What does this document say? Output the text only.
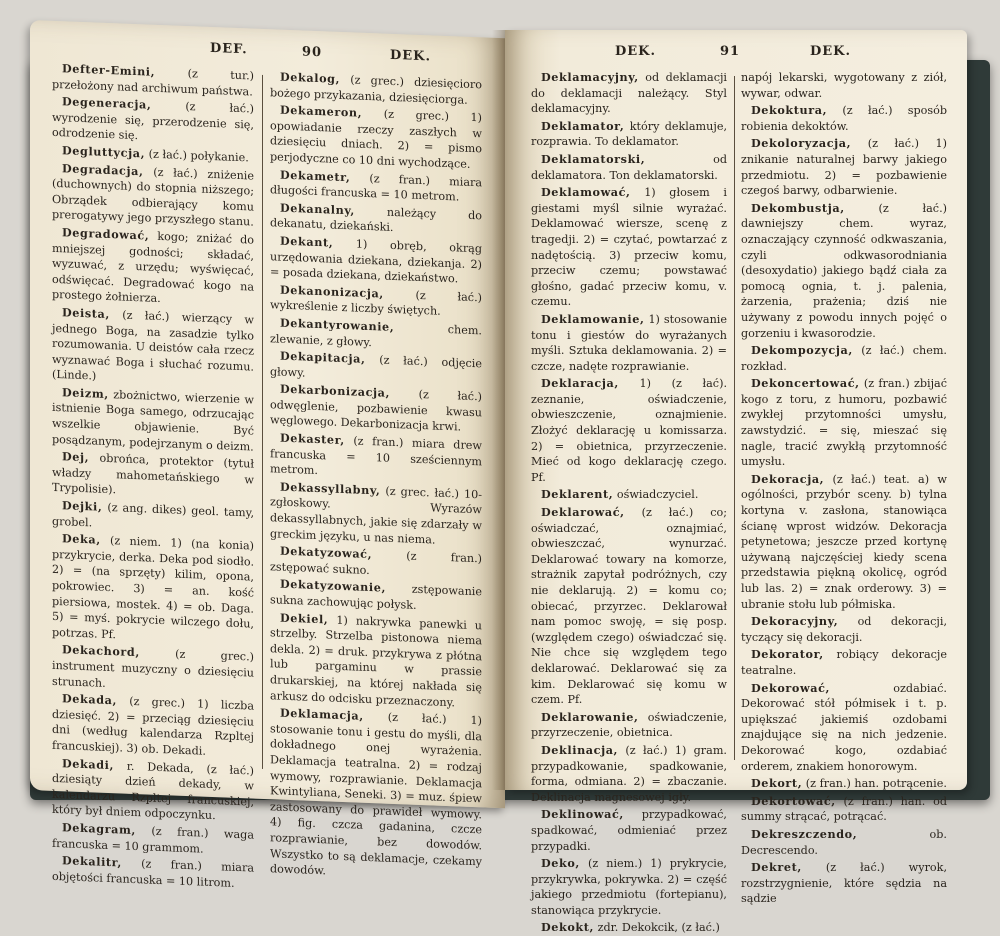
DEF.	90	DEK.

Defter-Emini,	(z tur.) przełożony nad archiwum państwa.

Degeneracja,	(z łać.) wyrodzenie się, przerodzenie się, odrodzenie się.

Degluttycja, (z łać.) połykanie.

Degradacja, (z łać.) zniżenie (duchownych) do stopnia niższego; Obrządek odbierający komu prerogatywy jego przyszłego stanu.

Degradować, kogo; zniżać do mniejszej godności; składać, wyzuwać, z urzędu; wyświęcać, odświęcać. Degradować kogo na prostego żołnierza.

Deista, (z łać.) wierzący w jednego Boga, na zasadzie tylko rozumowania. U deistów cała rzecz wyznawać Boga i słuchać rozumu. (Linde.)

Deizm, zbożnictwo, wierzenie w istnienie Boga samego, odrzucając wszelkie objawienie. Być posądzanym, podejrzanym o deizm.

Dej, obrońca, protektor (tytuł władzy mahometańskiego w Trypolisie).

Dejki, (z ang. dikes) geol. tamy, grobel.

Deka, (z niem. 1) (na konia) przykrycie, derka. Deka pod siodło. 2) = (na sprzęty) kilim, opona, pokrowiec. 3) = an. kość piersiowa, mostek. 4) = ob. Daga. 5) = myś. pokrycie wilczego dołu, potrzas. Pf.

Dekachord,	(z grec.) instrument muzyczny o dziesięciu strunach.

Dekada, (z grec.) 1) liczba dziesięć. 2) = przeciąg dziesięciu dni (według kalendarza Rzpltej francuskiej). 3) ob. Dekadi.

Dekadi, r. Dekada, (z łać.) dziesiąty dzień dekady, w kalendarzu Rzpltej francuskiej, który był dniem odpoczynku.

Dekagram, (z fran.) waga francuska = 10 grammom.

Dekalitr, (z fran.) miara objętości francuska = 10 litrom.

Dekalog, (z grec.) dziesięcioro bożego przykazania, dziesięciorga.

Dekameron, (z grec.) 1) opowiadanie rzeczy zaszłych w dziesięciu dniach. 2) = pismo perjodyczne co 10 dni wychodzące.

Dekametr, (z fran.) miara długości francuska = 10 metrom.

Dekanalny,	należący do dekanatu, dziekański.

Dekant, 1) obręb, okrąg urzędowania dziekana, dziekanja. 2) = posada dziekana, dziekaństwo.

Dekanonizacja,	(z łać.) wykreślenie z liczby świętych.

Dekantyrowanie,	chem. zlewanie, z głowy.

Dekapitacja, (z łać.) odjęcie głowy.

Dekarbonizacja,	(z łać.) odwęglenie, pozbawienie kwasu węglowego. Dekarbonizacja krwi.

Dekaster, (z fran.) miara drew francuska = 10 sześciennym metrom.

Dekassyllabny, (z grec. łać.) 10-zgłoskowy. Wyrazów dekassyllabnych, jakie się zdarzały w greckim języku, u nas niema.

Dekatyzować,	(z fran.) zstępować sukno.

Dekatyzowanie, zstępowanie sukna zachowując połysk.

Dekiel, 1) nakrywka panewki u strzelby. Strzelba pistonowa niema dekla. 2) = druk. przykrywa z płótna lub pargaminu w prassie drukarskiej, na której nakłada się arkusz do odcisku przeznaczony.

Deklamacja, (z łać.) 1) stosowanie tonu i gestu do myśli, dla dokładnego onej wyrażenia. Deklamacja teatralna. 2) = rodzaj wymowy, rozprawianie. Deklamacja Kwintyliana, Seneki. 3) = muz. śpiew zastosowany do prawideł wymowy. 4) fig. czcza gadanina, czcze rozprawianie, bez dowodów. Wszystko to są deklamacje, czekamy dowodów.

DEK.	91	DEK.

Deklamacyjny, od deklamacji do deklamacji należący. Styl deklamacyjny.

Deklamator, który deklamuje, rozprawia. To deklamator.

Deklamatorski,	od deklamatora. Ton deklamatorski.

Deklamować, 1) głosem i giestami myśl silnie wyrażać. Deklamować wiersze, scenę z tragedji. 2) = czytać, powtarzać z nadętością. 3) przeciw komu, przeciw czemu; powstawać głośno, gadać przeciw komu, v. czemu.

Deklamowanie, 1) stosowanie tonu i giestów do wyrażanych myśli. Sztuka deklamowania. 2) = czcze, nadęte rozprawianie.

Deklaracja, 1) (z łać). zeznanie, oświadczenie, obwieszczenie, oznajmienie. Złożyć deklarację u komissarza. 2) = obietnica, przyrzeczenie. Mieć od kogo deklarację czego. Pf.

Deklarent, oświadczyciel.

Deklarować, (z łać.) co; oświadczać, oznajmiać, obwieszczać, wynurzać. Deklarować towary na komorze, strażnik zapytał podróżnych, czy nie deklarują. 2) = komu co; obiecać, przyrzec. Deklarował nam pomoc swoję, = się posp. (względem czego) oświadczać się. Nie chce się względem tego deklarować. Deklarować się za kim. Deklarować się komu w czem. Pf.

Deklarowanie, oświadczenie, przyrzeczenie, obietnica.

Deklinacja, (z łać.) 1) gram. przypadkowanie, spadkowanie, forma, odmiana. 2) = zbaczanie. Deklinacja magnesowej igły.

Deklinować, przypadkować, spadkować, odmieniać przez przypadki.

Deko, (z niem.) 1) prykrycie, przykrywka, pokrywka. 2) = część jakiego przedmiotu (fortepianu), stanowiąca przykrycie.

Dekokt, zdr. Dekokcik, (z łać.)

napój lekarski, wygotowany z ziół, wywar, odwar.

Dekoktura, (z łać.) sposób robienia dekoktów.

Dekoloryzacja, (z łać.) 1) znikanie naturalnej barwy jakiego przedmiotu. 2) = pozbawienie czegoś barwy, odbarwienie.

Dekombustja,	(z łać.) dawniejszy chem. wyraz, oznaczający czynność odkwaszania, czyli odkwasorodniania (desoxydatio) jakiego bądź ciała za pomocą ognia, t. j. palenia, żarzenia, prażenia; dziś nie używany z powodu innych pojęć o gorzeniu i kwasorodzie.

Dekompozycja, (z łać.) chem. rozkład.

Dekoncertować, (z fran.) zbijać kogo z toru, z humoru, pozbawić zwykłej przytomności umysłu, zawstydzić. = się, mieszać się nagle, tracić zwykłą przytomność umysłu.

Dekoracja, (z łać.) teat. a) w ogólności, przybór sceny. b) tylna kortyna v. zasłona, stanowiąca ścianę wprost widzów. Dekoracja petynetowa; jeszcze przed kortynę używaną najczęściej kiedy scena przedstawia piękną okolicę, ogród lub las. 2) = znak orderowy. 3) = ubranie stołu lub półmiska.

Dekoracyjny, od dekoracji, tyczący się dekoracji.

Dekorator, robiący dekoracje teatralne.

Dekorować,	ozdabiać. Dekorować stół półmisek i t. p. upiększać jakiemiś ozdobami znajdujące się na nich jedzenie. Dekorować kogo, ozdabiać orderem, znakiem honorowym.

Dekort, (z fran.) han. potrącenie.

Dekortować, (z fran.) han. od summy strącać, potrącać.

Dekreszczendo,	ob. Decrescendo.

Dekret, (z łać.) wyrok, rozstrzygnienie, które sędzia na sądzie
